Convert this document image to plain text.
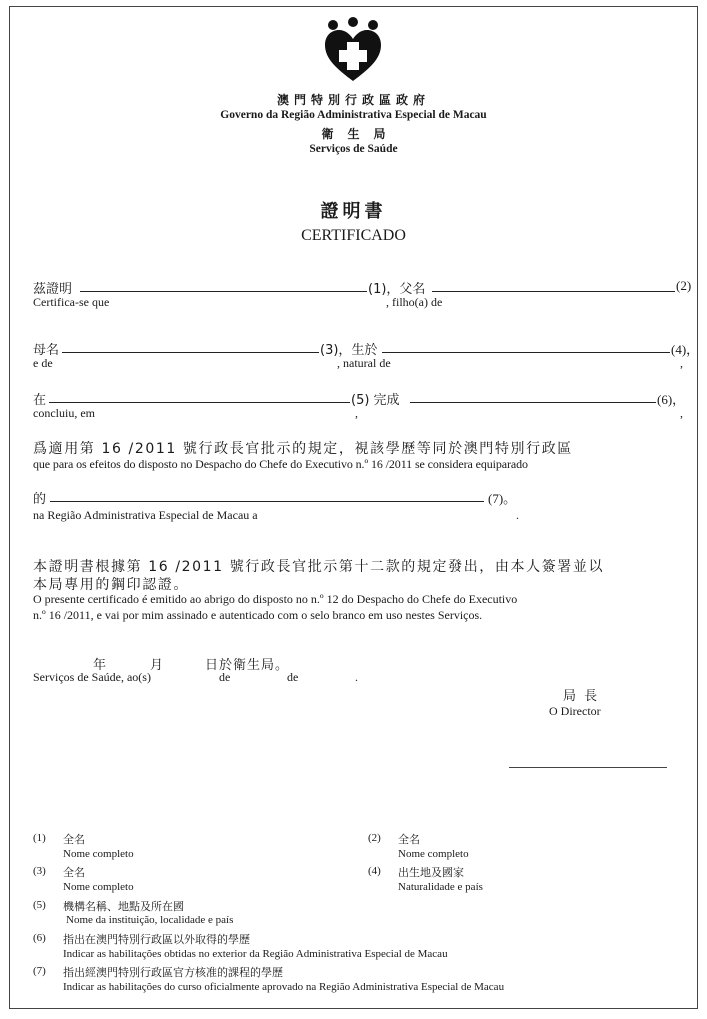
澳門特別行政區政府
Governo da Região Administrativa Especial de Macau
衛生局
Serviços de Saúde
證明書
CERTIFICADO
茲證明	(1)，父名	(2)
Certifica-se que	, filho(a) de
母名	(3)，生於	(4)，
e de	, natural de	,
在	(5) 完成	(6)，
concluiu, em	,	,
爲適用第 16 /2011 號行政長官批示的規定，視該學歷等同於澳門特別行政區
que para os efeitos do disposto no Despacho do Chefe do Executivo n.º 16 /2011 se considera equiparado
的	(7)。
na Região Administrativa Especial de Macau a	.
本證明書根據第 16 /2011 號行政長官批示第十二款的規定發出，由本人簽署並以
本局專用的鋼印認證。
O presente certificado é emitido ao abrigo do disposto no n.º 12 do Despacho do Chefe do Executivo
n.º 16 /2011, e vai por mim assinado e autenticado com o selo branco em uso nestes Serviços.
年	月	日於衛生局。
Serviços de Saúde, ao(s)	de	de	.
局 長
O Director
(1) 全名
Nome completo
(2) 全名
Nome completo
(3) 全名
Nome completo
(4) 出生地及國家
Naturalidade e país
(5) 機構名稱、地點及所在國
Nome da instituição, localidade e país
(6) 指出在澳門特別行政區以外取得的學歷
Indicar as habilitações obtidas no exterior da Região Administrativa Especial de Macau
(7) 指出經澳門特別行政區官方核准的課程的學歷
Indicar as habilitações do curso oficialmente aprovado na Região Administrativa Especial de Macau
